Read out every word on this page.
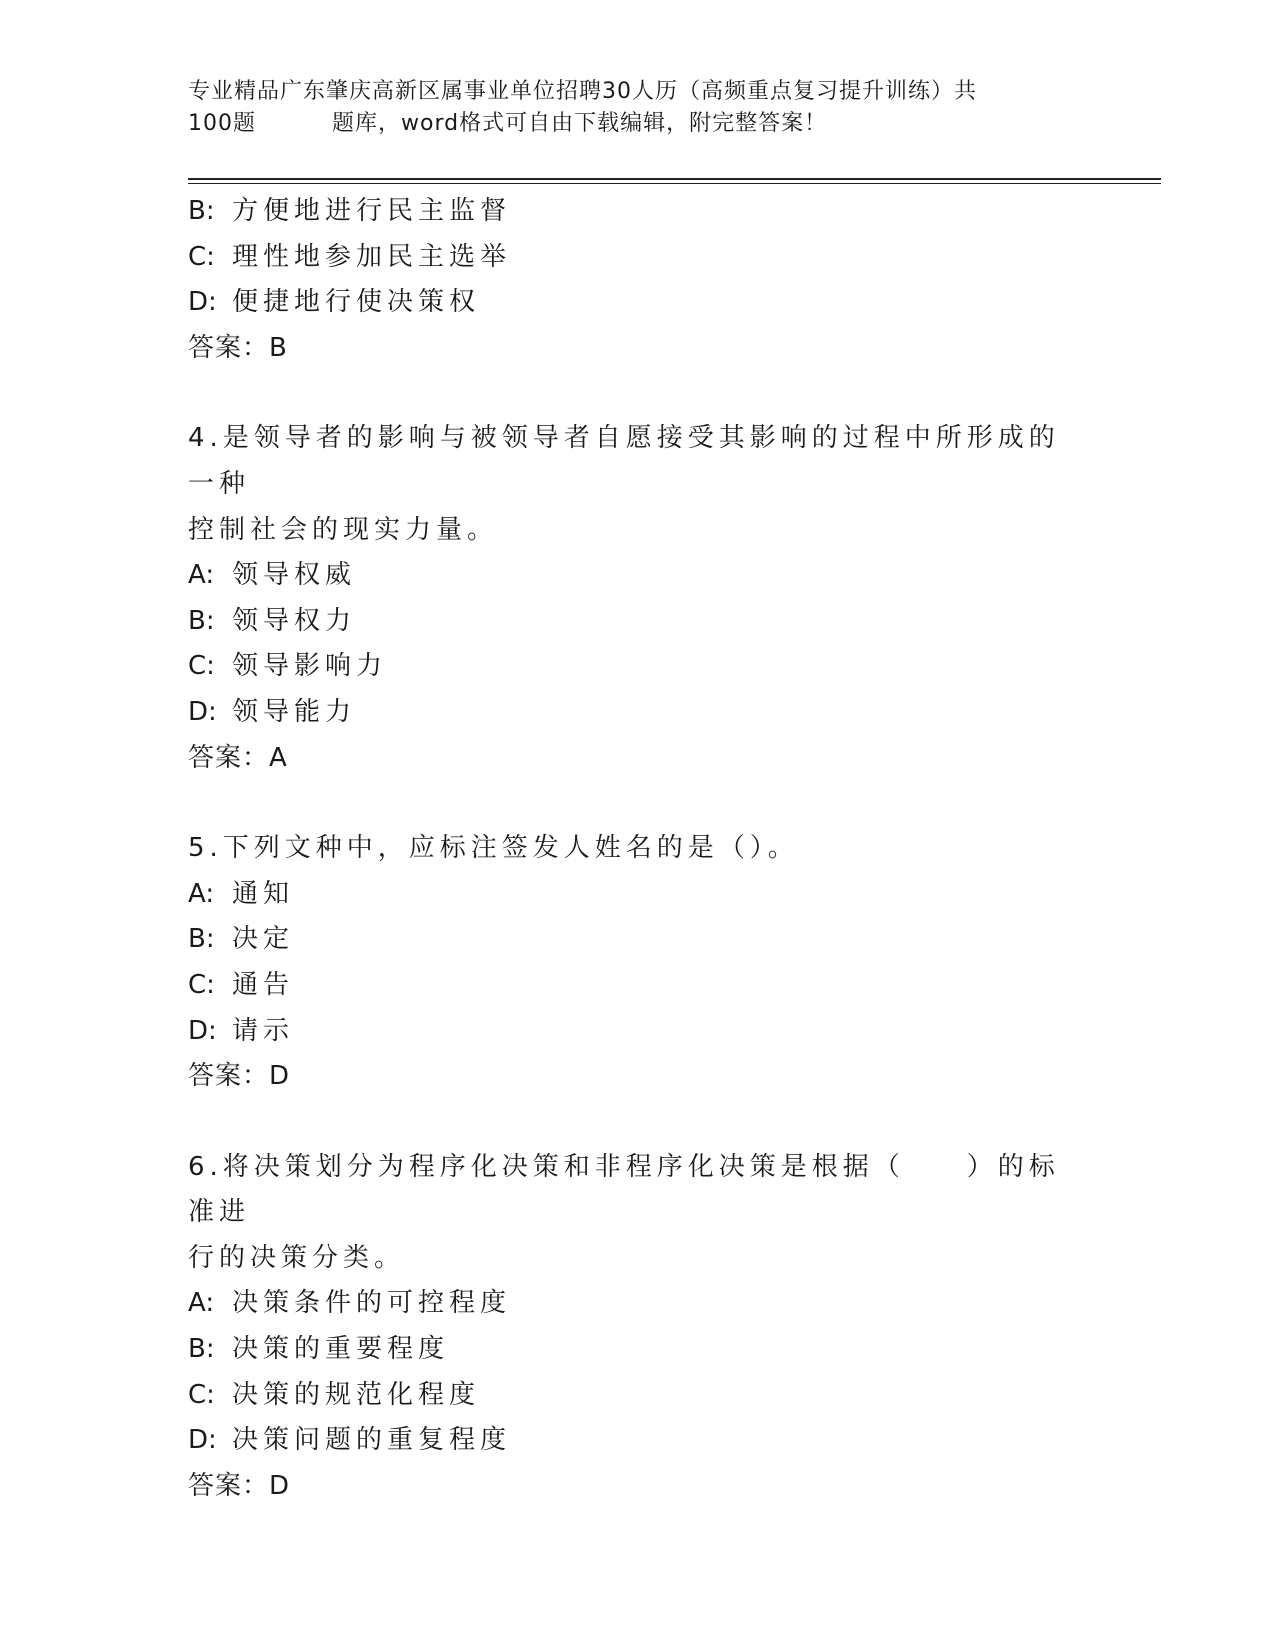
专业精品广东肇庆高新区属事业单位招聘30人历（高频重点复习提升训练）共
100题	题库，word格式可自由下载编辑，附完整答案！

B: 方便地进行民主监督

C: 理性地参加民主选举

D: 便捷地行使决策权

答案：B

4.是领导者的影响与被领导者自愿接受其影响的过程中所形成的一种

控制社会的现实力量。

A: 领导权威

B: 领导权力

C: 领导影响力

D: 领导能力

答案：A

5.下列文种中，应标注签发人姓名的是（）。

A: 通知

B: 决定

C: 通告

D: 请示

答案：D

6.将决策划分为程序化决策和非程序化决策是根据（　　）的标准进

行的决策分类。

A: 决策条件的可控程度

B: 决策的重要程度

C: 决策的规范化程度

D: 决策问题的重复程度

答案：D
